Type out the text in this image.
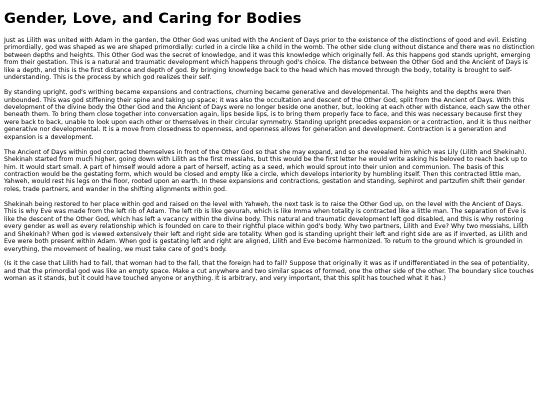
Gender, Love, and Caring for Bodies

Just as Lilith was united with Adam in the garden, the Other God was united with the Ancient of Days prior to the existence of the distinctions of good and evil. Existing primordially, god was shaped as we are shaped primordially: curled in a circle like a child in the womb. The other side clung without distance and there was no distinction between depths and heights. This Other God was the secret of knowledge, and it was this knowledge which originally fell. As this happens god stands upright, emerging from their gestation. This is a natural and traumatic development which happens through god's choice. The distance between the Other God and the Ancient of Days is like a depth, and this is the first distance and depth of god. By bringing knowledge back to the head which has moved through the body, totality is brought to self-understanding. This is the process by which god realizes their self.

By standing upright, god's writhing became expansions and contractions, churning became generative and developmental. The heights and the depths were then unbounded. This was god stiffening their spine and taking up space; it was also the occultation and descent of the Other God, split from the Ancient of Days. With this development of the divine body the Other God and the Ancient of Days were no longer beside one another, but, looking at each other with distance, each saw the other beneath them. To bring them close together into conversation again, lips beside lips, is to bring them properly face to face, and this was necessary because first they were back to back, unable to look upon each other or themselves in their circular symmetry. Standing upright precedes expansion or a contraction, and it is thus neither generative nor developmental. It is a move from closedness to openness, and openness allows for generation and development. Contraction is a generation and expansion is a development.

The Ancient of Days within god contracted themselves in front of the Other God so that she may expand, and so she revealed him which was Lily (Lilith and Shekinah). Shekinah started from much higher, going down with Lilith as the first messiahs, but this would be the first letter he would write asking his beloved to reach back up to him. It would start small. A part of himself would adore a part of herself, acting as a seed, which would sprout into their union and communion. The basis of this contraction would be the gestating form, which would be closed and empty like a circle, which develops interiority by humbling itself. Then this contracted little man, Yahweh, would rest his legs on the floor, rooted upon an earth. In these expansions and contractions, gestation and standing, sephirot and partzufim shift their gender roles, trade partners, and wander in the shifting alignments within god.

Shekinah being restored to her place within god and raised on the level with Yahweh, the next task is to raise the Other God up, on the level with the Ancient of Days. This is why Eve was made from the left rib of Adam. The left rib is like gevurah, which is like Imma when totality is contracted like a little man. The separation of Eve is like the descent of the Other God, which has left a vacancy within the divine body. This natural and traumatic development left god disabled, and this is why restoring every gender as well as every relationship which is founded on care to their rightful place within god's body. Why two partners, Lilith and Eve? Why two messiahs, Lilith and Shekinah? When god is viewed extensively their left and right side are totality. When god is standing upright their left and right side are as if inverted, as Lilith and Eve were both present within Adam. When god is gestating left and right are aligned, Lilith and Eve become harmonized. To return to the ground which is grounded in everything, the movement of healing, we must take care of god's body.

(Is it the case that Lilith had to fall, that woman had to the fall, that the foreign had to fall? Suppose that originally it was as if undifferentiated in the sea of potentiality, and that the primordial god was like an empty space. Make a cut anywhere and two similar spaces of formed, one the other side of the other. The boundary slice touches woman as it stands, but it could have touched anyone or anything. It is arbitrary, and very important, that this split has touched what it has.)
